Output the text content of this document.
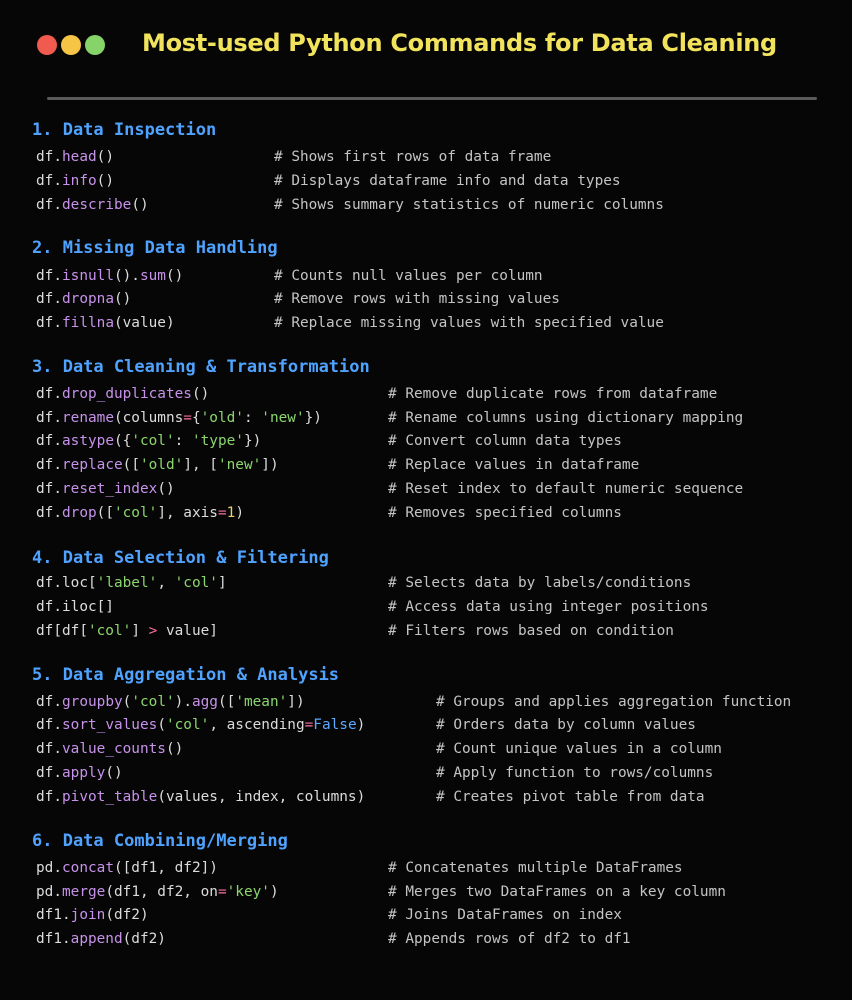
Most-used Python Commands for Data Cleaning
1. Data Inspection
df.head()	# Shows first rows of data frame
df.info()	# Displays dataframe info and data types
df.describe()	# Shows summary statistics of numeric columns
2. Missing Data Handling
df.isnull().sum()	# Counts null values per column
df.dropna()	# Remove rows with missing values
df.fillna(value)	# Replace missing values with specified value
3. Data Cleaning & Transformation
df.drop_duplicates()	# Remove duplicate rows from dataframe
df.rename(columns={'old': 'new'})	# Rename columns using dictionary mapping
df.astype({'col': 'type'})	# Convert column data types
df.replace(['old'], ['new'])	# Replace values in dataframe
df.reset_index()	# Reset index to default numeric sequence
df.drop(['col'], axis=1)	# Removes specified columns
4. Data Selection & Filtering
df.loc['label', 'col']	# Selects data by labels/conditions
df.iloc[]	# Access data using integer positions
df[df['col'] > value]	# Filters rows based on condition
5. Data Aggregation & Analysis
df.groupby('col').agg(['mean'])	# Groups and applies aggregation function
df.sort_values('col', ascending=False)	# Orders data by column values
df.value_counts()	# Count unique values in a column
df.apply()	# Apply function to rows/columns
df.pivot_table(values, index, columns)	# Creates pivot table from data
6. Data Combining/Merging
pd.concat([df1, df2])	# Concatenates multiple DataFrames
pd.merge(df1, df2, on='key')	# Merges two DataFrames on a key column
df1.join(df2)	# Joins DataFrames on index
df1.append(df2)	# Appends rows of df2 to df1
